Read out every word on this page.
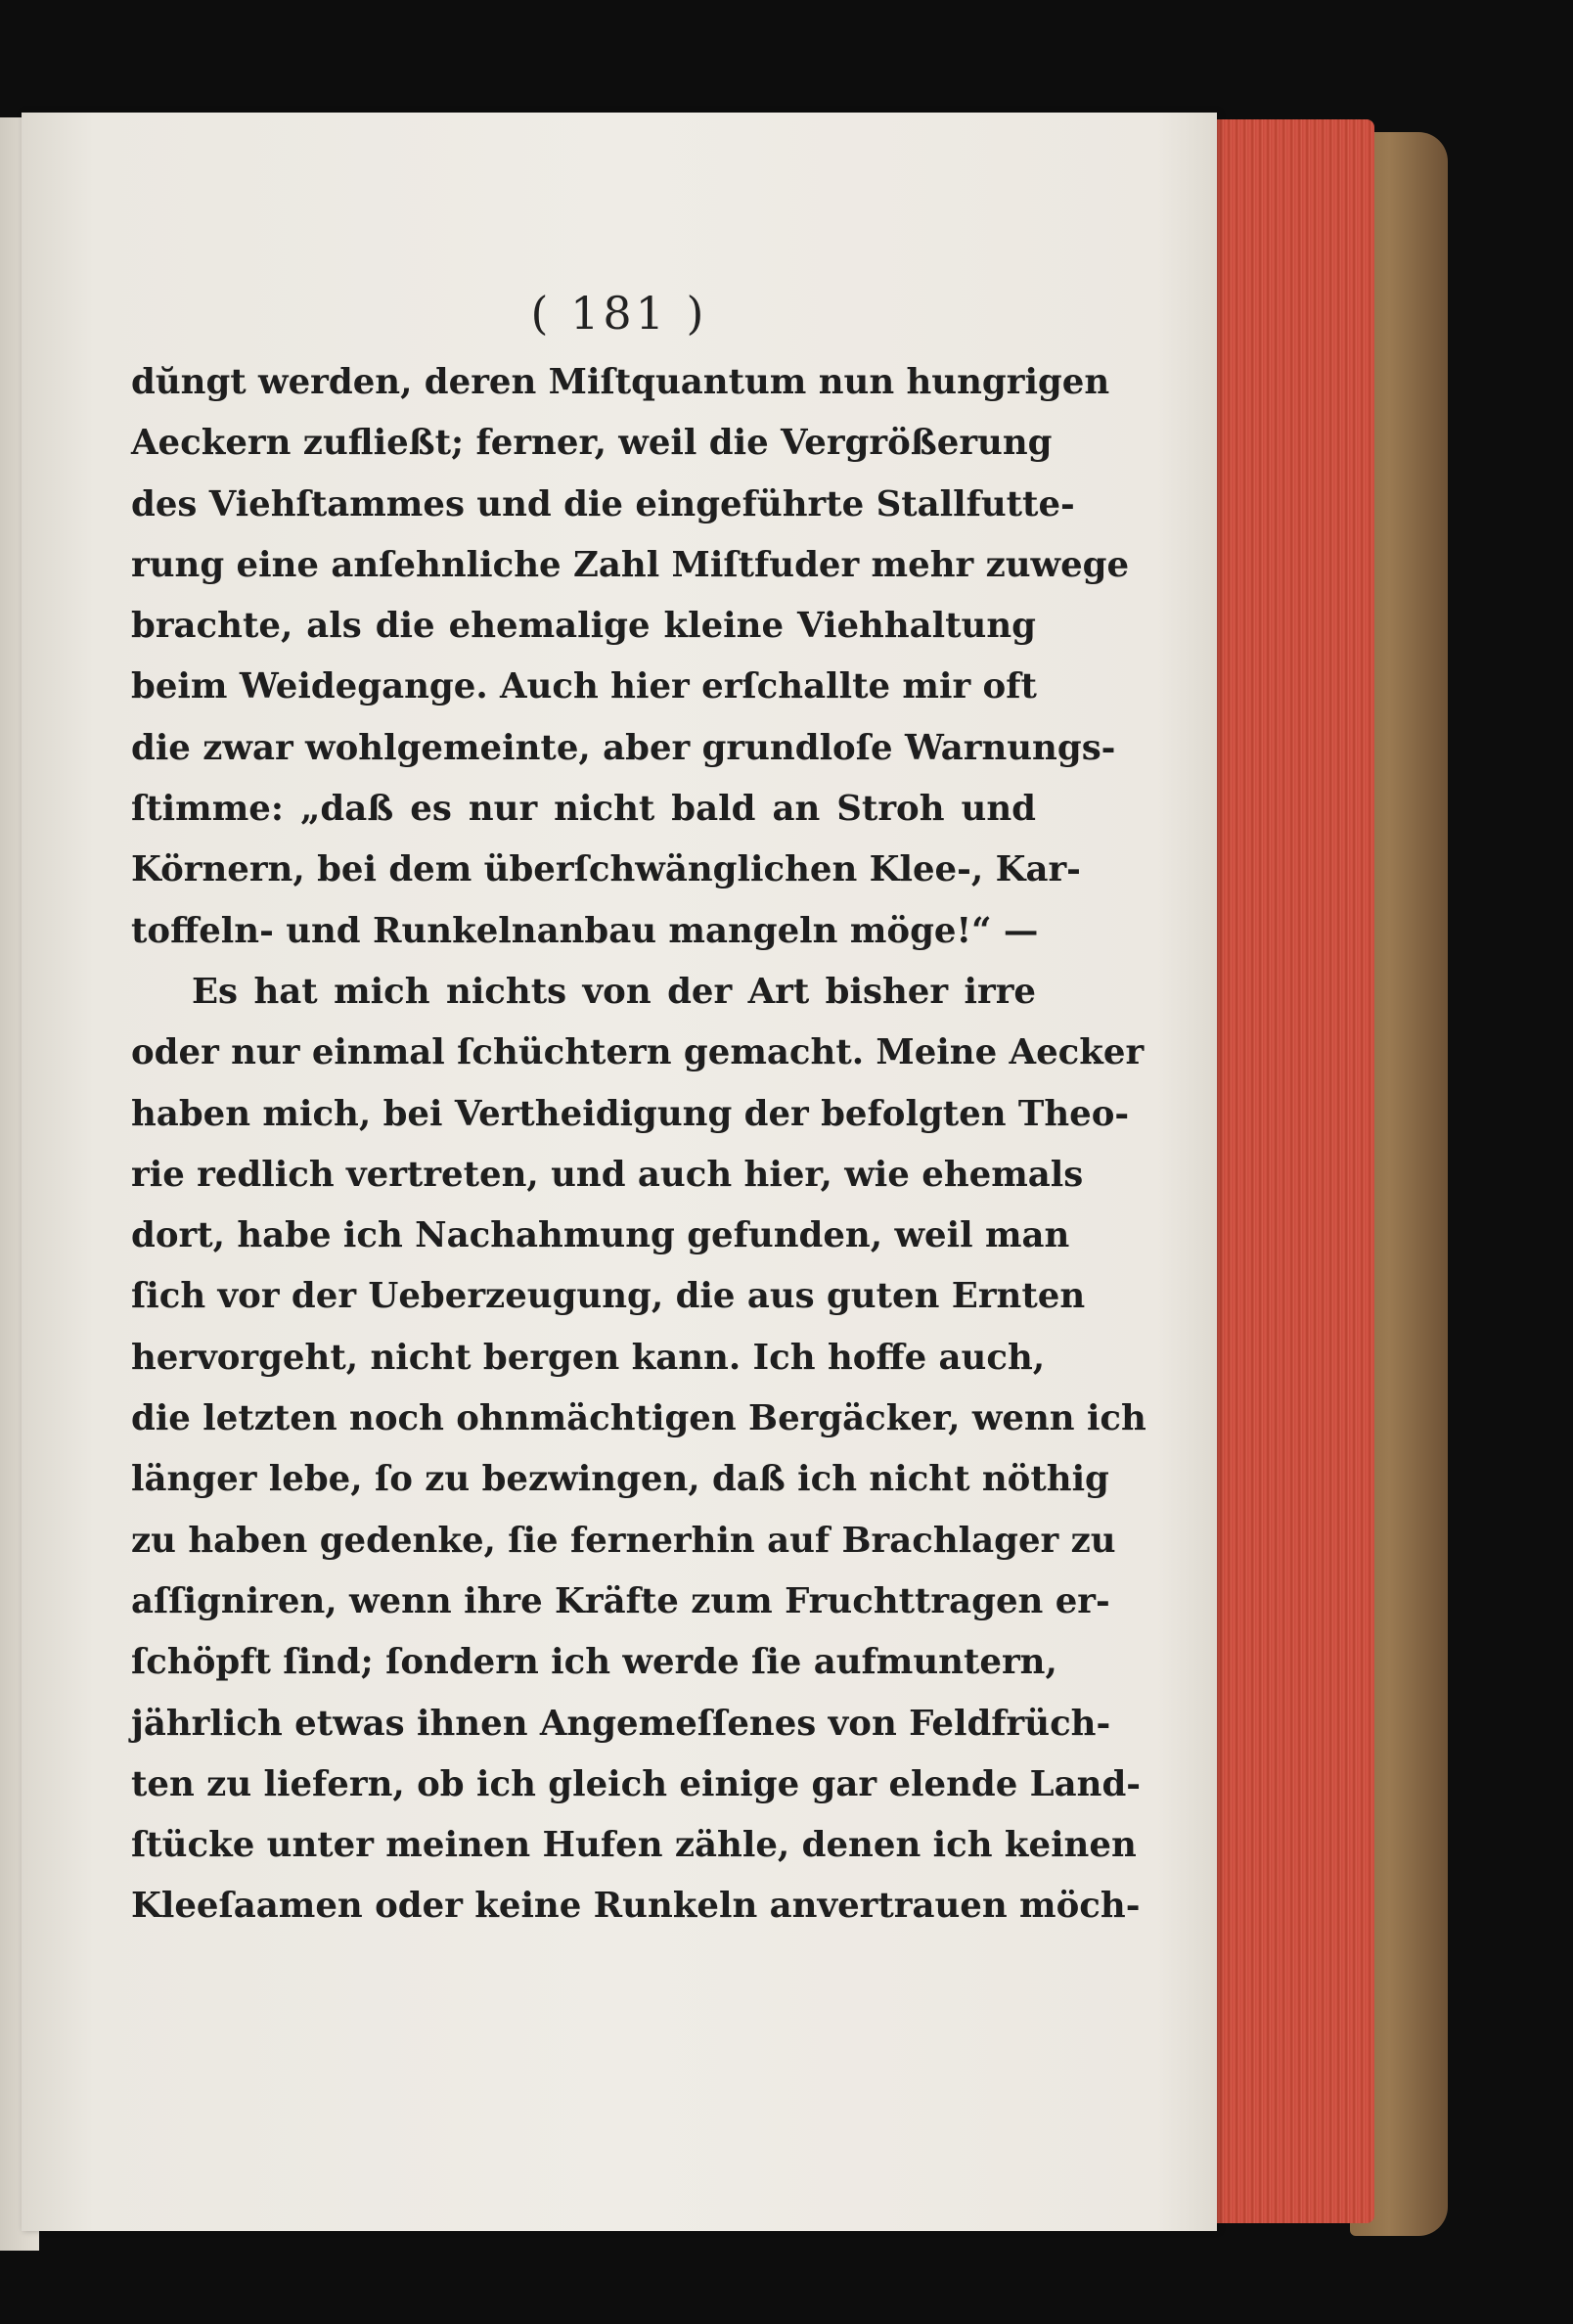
( 181 )
dŭngt werden, deren Miſtquantum nun hungrigen
Aeckern zufließt; ferner, weil die Vergrößerung
des Viehſtammes und die eingeführte Stallfutte-
rung eine anſehnliche Zahl Miſtfuder mehr zuwege
brachte, als die ehemalige kleine Viehhaltung
beim Weidegange. Auch hier erſchallte mir oft
die zwar wohlgemeinte, aber grundloſe Warnungs-
ſtimme: „daß es nur nicht bald an Stroh und
Körnern, bei dem überſchwänglichen Klee-, Kar-
toffeln- und Runkelnanbau mangeln möge!“ —
Es hat mich nichts von der Art bisher irre
oder nur einmal ſchüchtern gemacht. Meine Aecker
haben mich, bei Vertheidigung der befolgten Theo-
rie redlich vertreten, und auch hier, wie ehemals
dort, habe ich Nachahmung gefunden, weil man
ſich vor der Ueberzeugung, die aus guten Ernten
hervorgeht, nicht bergen kann. Ich hoffe auch,
die letzten noch ohnmächtigen Bergäcker, wenn ich
länger lebe, ſo zu bezwingen, daß ich nicht nöthig
zu haben gedenke, ſie fernerhin auf Brachlager zu
aſſigniren, wenn ihre Kräfte zum Fruchttragen er-
ſchöpft ſind; ſondern ich werde ſie aufmuntern,
jährlich etwas ihnen Angemeſſenes von Feldfrüch-
ten zu liefern, ob ich gleich einige gar elende Land-
ſtücke unter meinen Hufen zähle, denen ich keinen
Kleeſaamen oder keine Runkeln anvertrauen möch-
